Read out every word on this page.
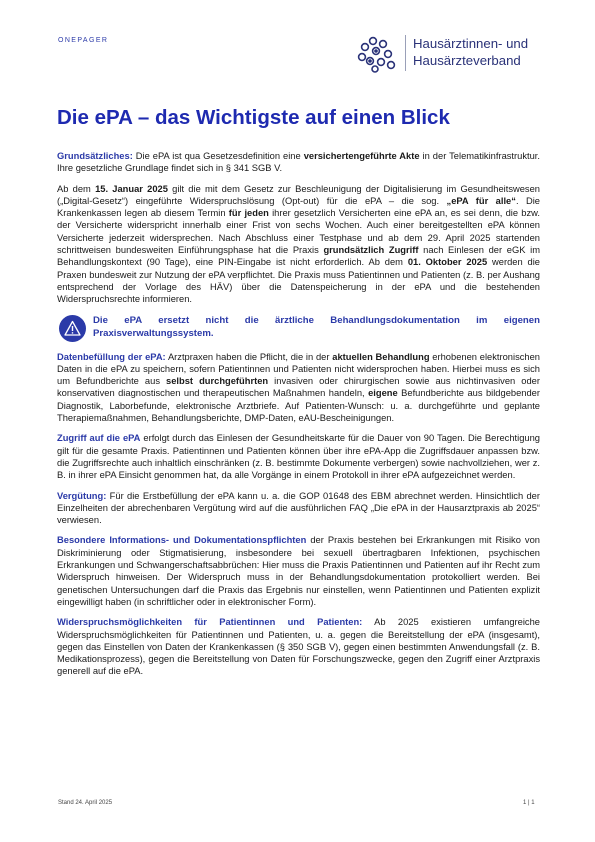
ONEPAGER	Hausärztinnen- und
Hausärzteverband
Die ePA – das Wichtigste auf einen Blick

Grundsätzliches: Die ePA ist qua Gesetzesdefinition eine versichertengeführte Akte in der Telematikinfrastruktur. Ihre gesetzliche Grundlage findet sich in § 341 SGB V.

Ab dem 15. Januar 2025 gilt die mit dem Gesetz zur Beschleunigung der Digitalisierung im Gesundheitswesen („Digital-Gesetz“) eingeführte Widerspruchslösung (Opt-out) für die ePA – die sog. „ePA für alle“. Die Krankenkassen legen ab diesem Termin für jeden ihrer gesetzlich Versicherten eine ePA an, es sei denn, die bzw. der Versicherte widerspricht innerhalb einer Frist von sechs Wochen. Auch einer bereitgestellten ePA können Versicherte jederzeit widersprechen. Nach Abschluss einer Testphase und ab dem 29. April 2025 startenden schrittweisen bundesweiten Einführungsphase hat die Praxis grundsätzlich Zugriff nach Einlesen der eGK im Behandlungskontext (90 Tage), eine PIN-Eingabe ist nicht erforderlich. Ab dem 01. Oktober 2025 werden die Praxen bundesweit zur Nutzung der ePA verpflichtet. Die Praxis muss Patientinnen und Patienten (z. B. per Aushang entsprechend der Vorlage des HÄV) über die Datenspeicherung in der ePA und die bestehenden Widerspruchsrechte informieren.

Die ePA ersetzt nicht die ärztliche Behandlungsdokumentation im eigenen Praxisverwaltungssystem.

Datenbefüllung der ePA: Arztpraxen haben die Pflicht, die in der aktuellen Behandlung erhobenen elektronischen Daten in die ePA zu speichern, sofern Patientinnen und Patienten nicht widersprochen haben. Hierbei muss es sich um Befundberichte aus selbst durchgeführten invasiven oder chirurgischen sowie aus nichtinvasiven oder konservativen diagnostischen und therapeutischen Maßnahmen handeln, eigene Befundberichte aus bildgebender Diagnostik, Laborbefunde, elektronische Arztbriefe. Auf Patienten-Wunsch: u. a. durchgeführte und geplante Therapiemaßnahmen, Behandlungsberichte, DMP-Daten, eAU-Bescheinigungen.

Zugriff auf die ePA erfolgt durch das Einlesen der Gesundheitskarte für die Dauer von 90 Tagen. Die Berechtigung gilt für die gesamte Praxis. Patientinnen und Patienten können über ihre ePA-App die Zugriffsdauer anpassen bzw. die Zugriffsrechte auch inhaltlich einschränken (z. B. bestimmte Dokumente verbergen) sowie nachvollziehen, wer z. B. in ihrer ePA Einsicht genommen hat, da alle Vorgänge in einem Protokoll in ihrer ePA aufgezeichnet werden.

Vergütung: Für die Erstbefüllung der ePA kann u. a. die GOP 01648 des EBM abrechnet werden. Hinsichtlich der Einzelheiten der abrechenbaren Vergütung wird auf die ausführlichen FAQ „Die ePA in der Hausarztpraxis ab 2025“ verwiesen.

Besondere Informations- und Dokumentationspflichten der Praxis bestehen bei Erkrankungen mit Risiko von Diskriminierung oder Stigmatisierung, insbesondere bei sexuell übertragbaren Infektionen, psychischen Erkrankungen und Schwangerschaftsabbrüchen: Hier muss die Praxis Patientinnen und Patienten auf ihr Recht zum Widerspruch hinweisen. Der Widerspruch muss in der Behandlungsdokumentation protokolliert werden. Bei genetischen Untersuchungen darf die Praxis das Ergebnis nur einstellen, wenn Patientinnen und Patienten explizit eingewilligt haben (in schriftlicher oder in elektronischer Form).

Widerspruchsmöglichkeiten für Patientinnen und Patienten: Ab 2025 existieren umfangreiche Widerspruchsmöglichkeiten für Patientinnen und Patienten, u. a. gegen die Bereitstellung der ePA (insgesamt), gegen das Einstellen von Daten der Krankenkassen (§ 350 SGB V), gegen einen bestimmten Anwendungsfall (z. B. Medikationsprozess), gegen die Bereitstellung von Daten für Forschungszwecke, gegen den Zugriff einer Arztpraxis generell auf die ePA.

Stand 24. April 2025	1 | 1
